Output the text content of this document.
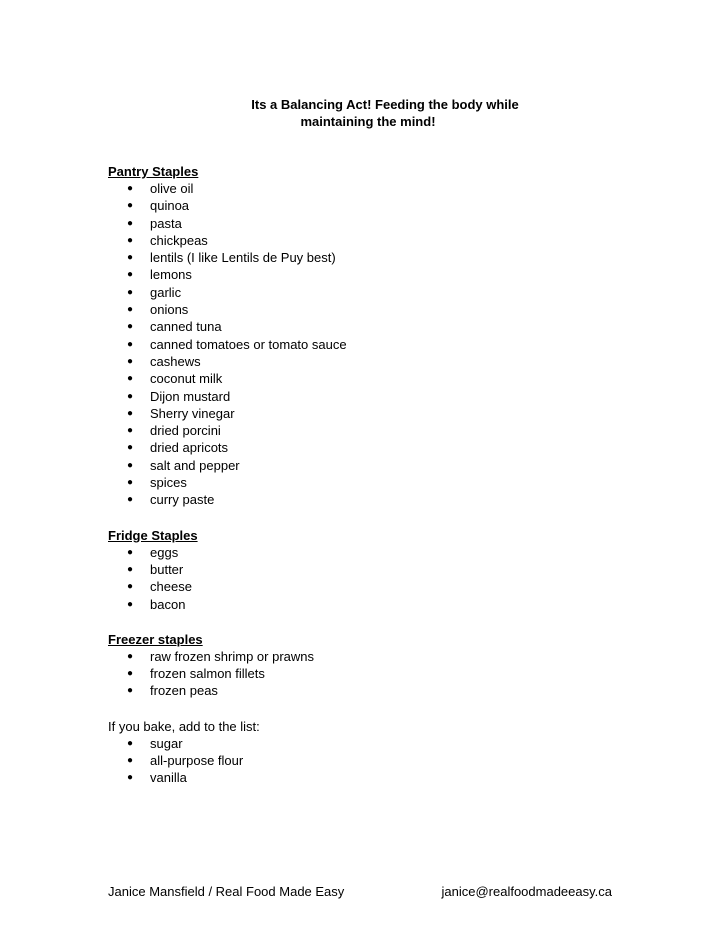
Its a Balancing Act! Feeding the body while
maintaining the mind!
Pantry Staples
● olive oil
● quinoa
● pasta
● chickpeas
● lentils (I like Lentils de Puy best)
● lemons
● garlic
● onions
● canned tuna
● canned tomatoes or tomato sauce
● cashews
● coconut milk
● Dijon mustard
● Sherry vinegar
● dried porcini
● dried apricots
● salt and pepper
● spices
● curry paste
Fridge Staples
● eggs
● butter
● cheese
● bacon
Freezer staples
● raw frozen shrimp or prawns
● frozen salmon fillets
● frozen peas
If you bake, add to the list:
● sugar
● all-purpose flour
● vanilla
Janice Mansfield / Real Food Made Easy	janice@realfoodmadeeasy.ca
